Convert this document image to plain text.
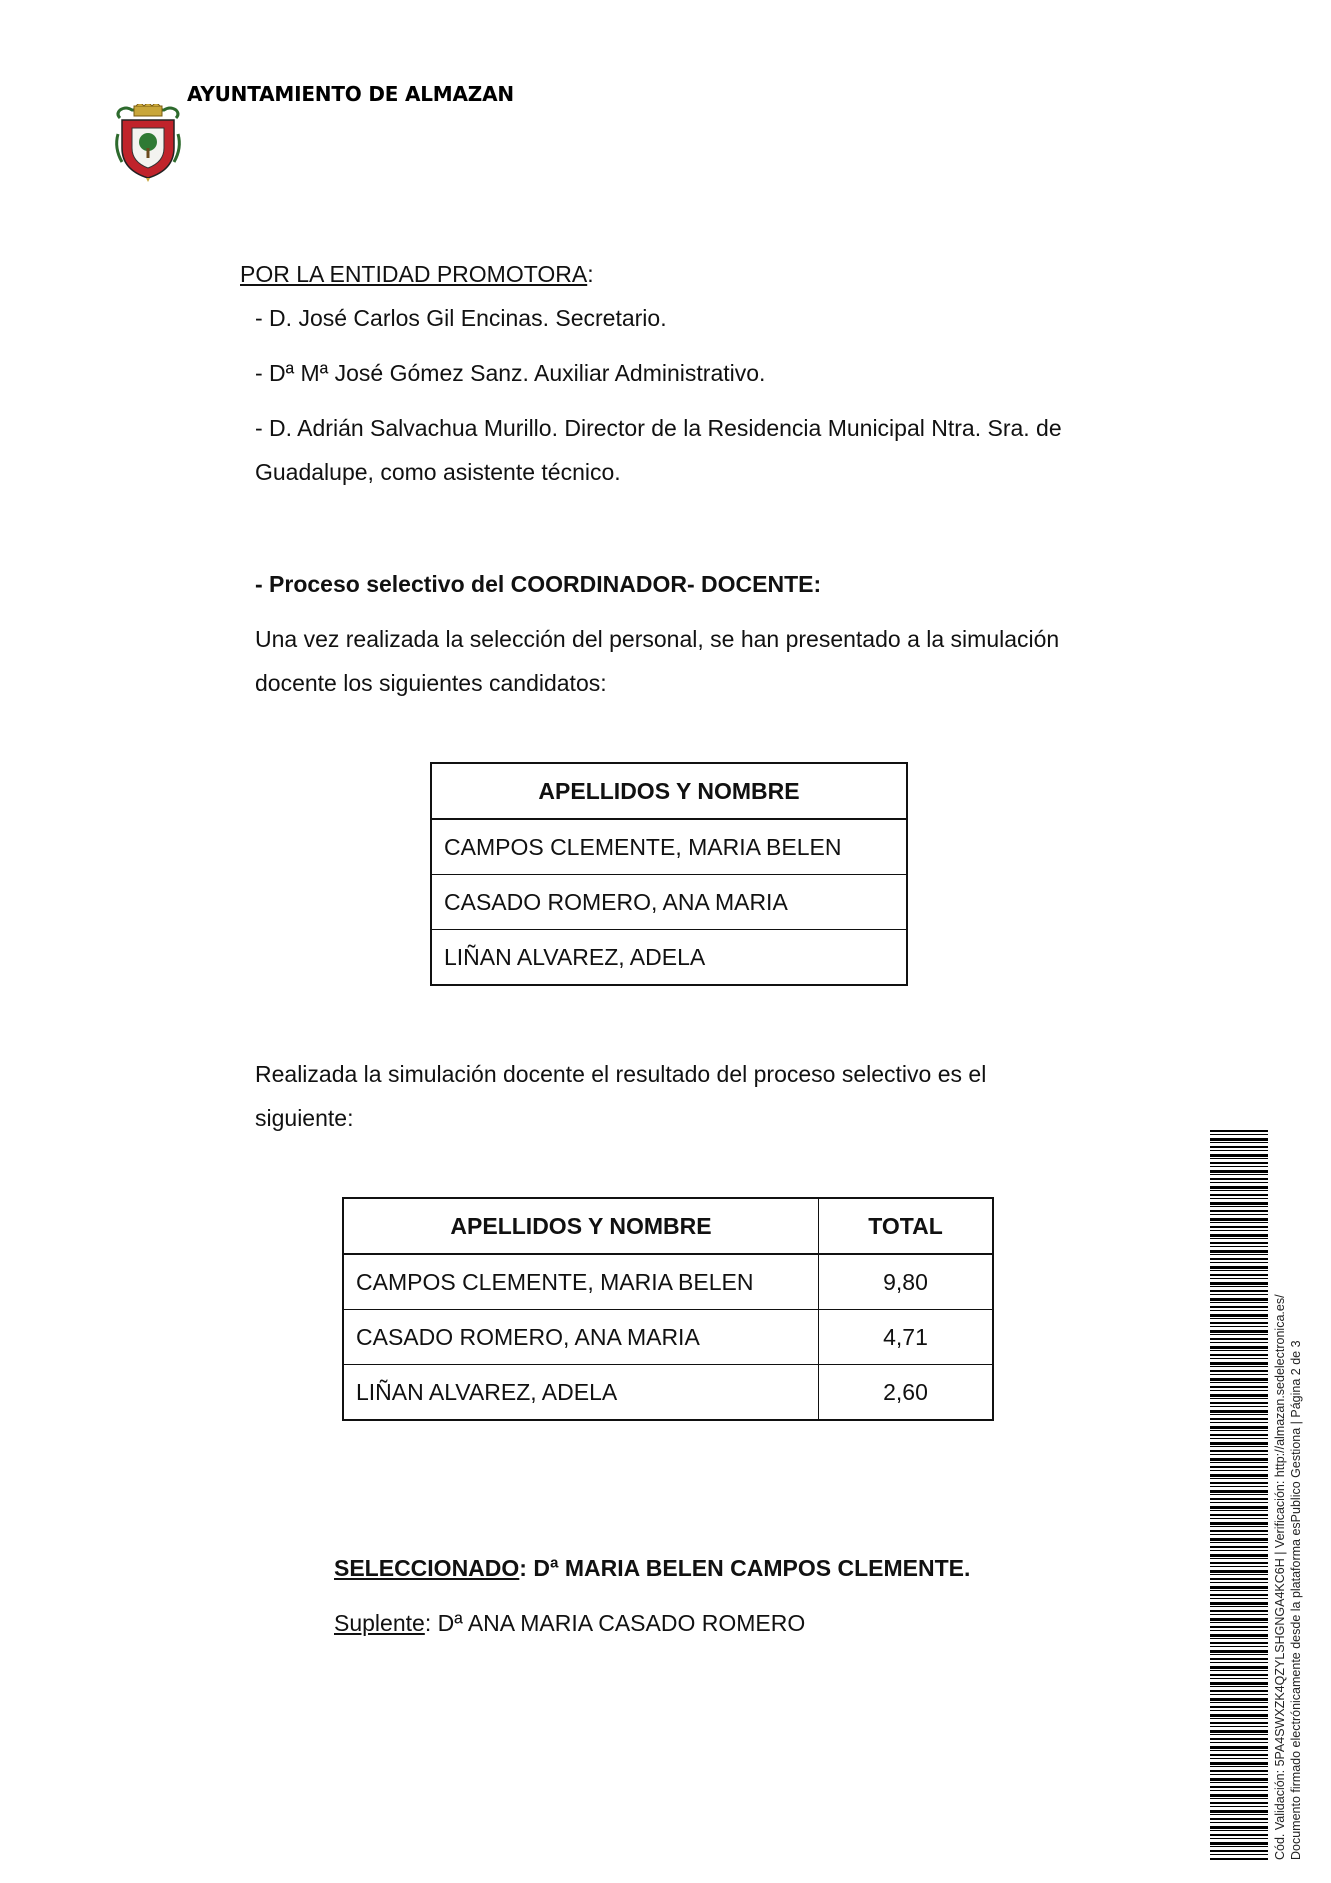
AYUNTAMIENTO DE ALMAZAN
POR LA ENTIDAD PROMOTORA:
- D. José Carlos Gil Encinas. Secretario.
- Dª Mª José Gómez Sanz. Auxiliar Administrativo.
- D. Adrián Salvachua Murillo. Director de la Residencia Municipal Ntra. Sra. de
Guadalupe, como asistente técnico.
- Proceso selectivo del COORDINADOR- DOCENTE:
Una vez realizada la selección del personal, se han presentado a la simulación
docente los siguientes candidatos:
APELLIDOS Y NOMBRE
CAMPOS CLEMENTE, MARIA BELEN
CASADO ROMERO, ANA MARIA
LIÑAN ALVAREZ, ADELA
Realizada la simulación docente el resultado del proceso selectivo es el
siguiente:
APELLIDOS Y NOMBRE	TOTAL
CAMPOS CLEMENTE, MARIA BELEN	9,80
CASADO ROMERO, ANA MARIA	4,71
LIÑAN ALVAREZ, ADELA	2,60
SELECCIONADO: Dª MARIA BELEN CAMPOS CLEMENTE.
Suplente: Dª ANA MARIA CASADO ROMERO	Cód. Validación: 5PA4SWXZK4QZYLSHGNGA4KC6H | Verificación: http://almazan.sedelectronica.es/ Documento firmado electrónicamente desde la plataforma esPublico Gestiona | Página 2 de 3
